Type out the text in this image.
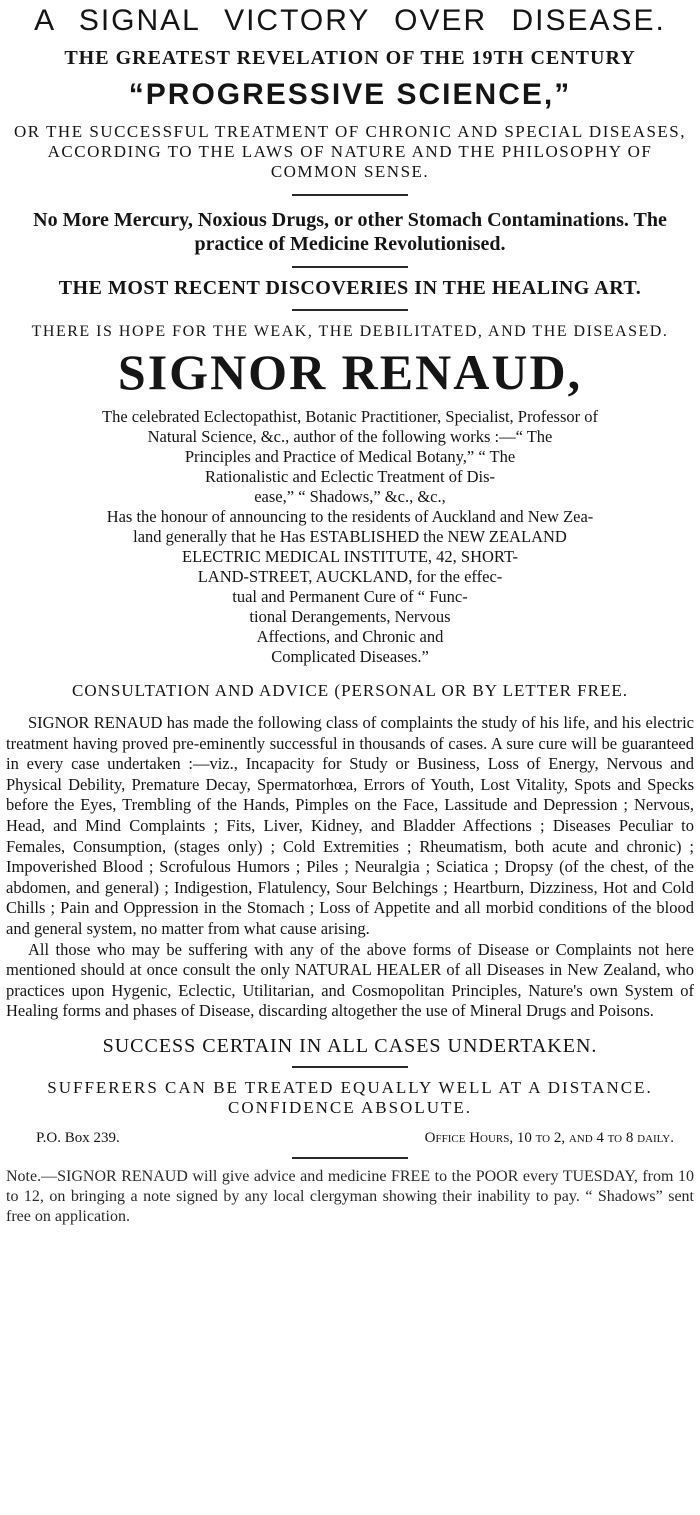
A SIGNAL VICTORY OVER DISEASE.

THE GREATEST REVELATION OF THE 19TH CENTURY

“PROGRESSIVE SCIENCE,”

OR THE SUCCESSFUL TREATMENT OF CHRONIC AND SPECIAL DISEASES, ACCORDING TO THE LAWS OF NATURE AND THE PHILOSOPHY OF COMMON SENSE.

No More Mercury, Noxious Drugs, or other Stomach Contaminations. The practice of Medicine Revolutionised.

THE MOST RECENT DISCOVERIES IN THE HEALING ART.

THERE IS HOPE FOR THE WEAK, THE DEBILITATED, AND THE DISEASED.

SIGNOR RENAUD,

The celebrated Eclectopathist, Botanic Practitioner, Specialist, Professor of
Natural Science, &c., author of the following works :—“ The
Principles and Practice of Medical Botany,” “ The
Rationalistic and Eclectic Treatment of Dis-
ease,” “ Shadows,” &c., &c.,
Has the honour of announcing to the residents of Auckland and New Zea-
land generally that he Has ESTABLISHED the NEW ZEALAND
ELECTRIC MEDICAL INSTITUTE, 42, SHORT-
LAND-STREET, AUCKLAND, for the effec-
tual and Permanent Cure of “ Func-
tional Derangements, Nervous
Affections, and Chronic and
Complicated Diseases.”

CONSULTATION AND ADVICE (PERSONAL OR BY LETTER FREE.

SIGNOR RENAUD has made the following class of complaints the study of his life, and his electric treatment having proved pre-eminently successful in thousands of cases. A sure cure will be guaranteed in every case undertaken :—viz., Incapacity for Study or Business, Loss of Energy, Nervous and Physical Debility, Premature Decay, Spermatorhœa, Errors of Youth, Lost Vitality, Spots and Specks before the Eyes, Trembling of the Hands, Pimples on the Face, Lassitude and Depression ; Nervous, Head, and Mind Complaints ; Fits, Liver, Kidney, and Bladder Affections ; Diseases Peculiar to Females, Consumption, (stages only) ; Cold Extremities ; Rheumatism, both acute and chronic) ; Impoverished Blood ; Scrofulous Humors ; Piles ; Neuralgia ; Sciatica ; Dropsy (of the chest, of the abdomen, and general) ; Indigestion, Flatulency, Sour Belchings ; Heartburn, Dizziness, Hot and Cold Chills ; Pain and Oppression in the Stomach ; Loss of Appetite and all morbid conditions of the blood and general system, no matter from what cause arising.

All those who may be suffering with any of the above forms of Disease or Complaints not here mentioned should at once consult the only NATURAL HEALER of all Diseases in New Zealand, who practices upon Hygenic, Eclectic, Utilitarian, and Cosmopolitan Principles, Nature's own System of Healing forms and phases of Disease, discarding altogether the use of Mineral Drugs and Poisons.

SUCCESS CERTAIN IN ALL CASES UNDERTAKEN.

SUFFERERS CAN BE TREATED EQUALLY WELL AT A DISTANCE. CONFIDENCE ABSOLUTE.

P.O. Box 239.	Office Hours, 10 to 2, and 4 to 8 daily.

Note.—SIGNOR RENAUD will give advice and medicine FREE to the POOR every TUESDAY, from 10 to 12, on bringing a note signed by any local clergyman showing their inability to pay. “ Shadows” sent free on application.
